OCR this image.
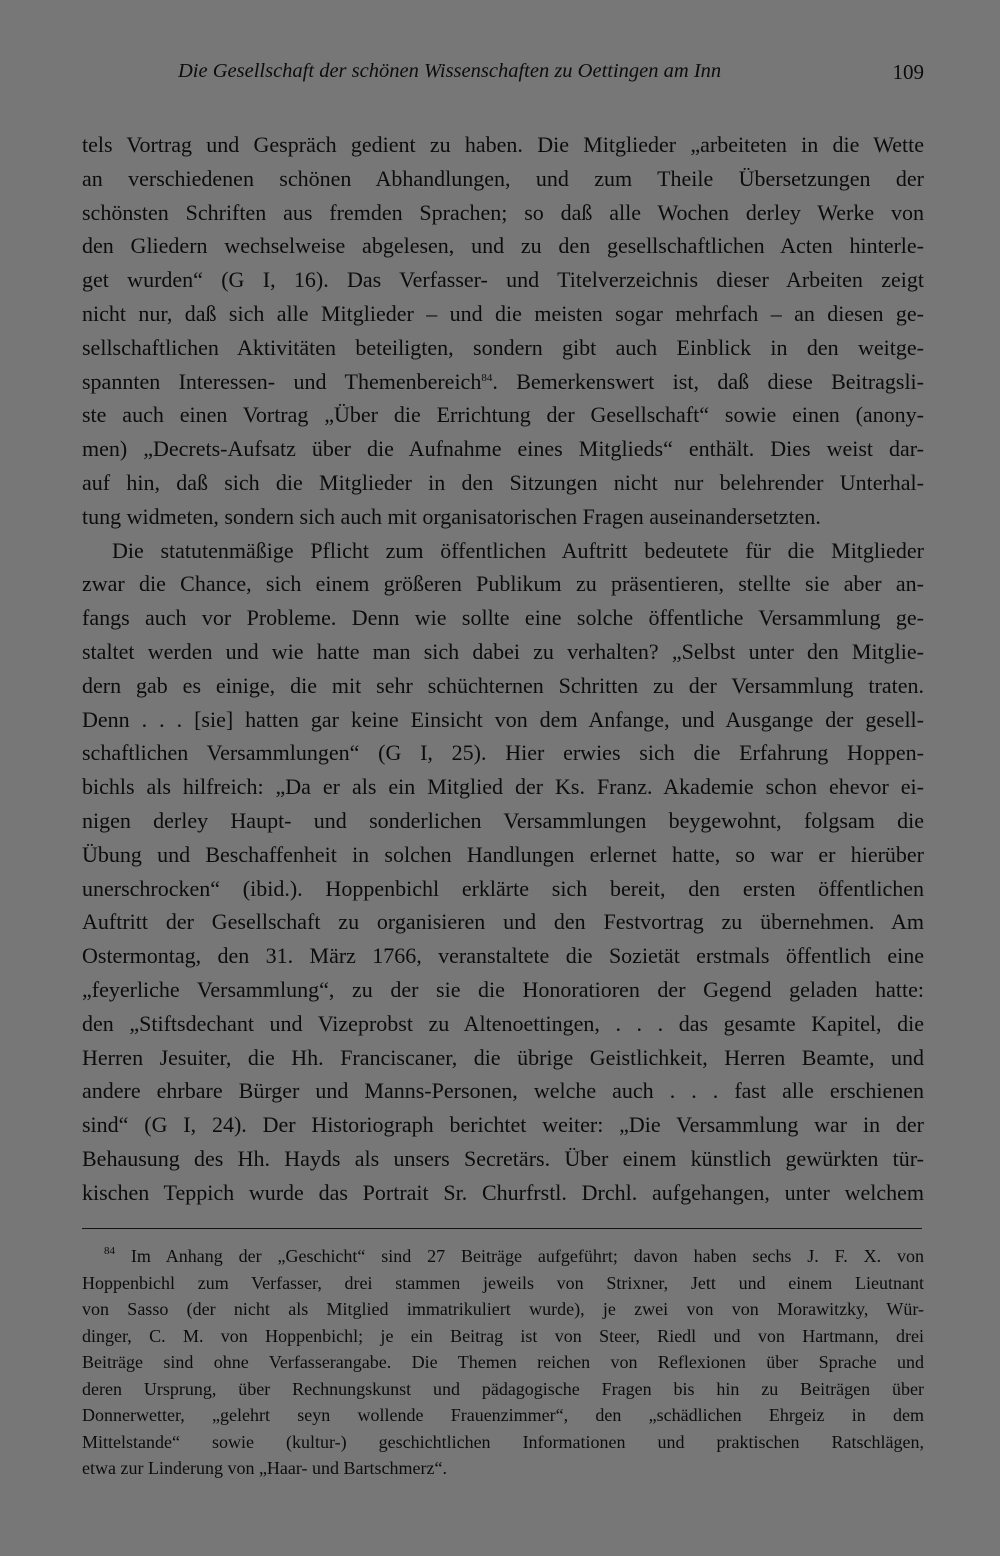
Die Gesellschaft der schönen Wissenschaften zu Oettingen am Inn	109
tels Vortrag und Gespräch gedient zu haben. Die Mitglieder „arbeiteten in die Wette
an verschiedenen schönen Abhandlungen, und zum Theile Übersetzungen der
schönsten Schriften aus fremden Sprachen; so daß alle Wochen derley Werke von
den Gliedern wechselweise abgelesen, und zu den gesellschaftlichen Acten hinterle-
get wurden“ (G I, 16). Das Verfasser- und Titelverzeichnis dieser Arbeiten zeigt
nicht nur, daß sich alle Mitglieder – und die meisten sogar mehrfach – an diesen ge-
sellschaftlichen Aktivitäten beteiligten, sondern gibt auch Einblick in den weitge-
spannten Interessen- und Themenbereich$^{84}$. Bemerkenswert ist, daß diese Beitragsli-
ste auch einen Vortrag „Über die Errichtung der Gesellschaft“ sowie einen (anony-
men) „Decrets-Aufsatz über die Aufnahme eines Mitglieds“ enthält. Dies weist dar-
auf hin, daß sich die Mitglieder in den Sitzungen nicht nur belehrender Unterhal-
tung widmeten, sondern sich auch mit organisatorischen Fragen auseinandersetzten.
Die statutenmäßige Pflicht zum öffentlichen Auftritt bedeutete für die Mitglieder
zwar die Chance, sich einem größeren Publikum zu präsentieren, stellte sie aber an-
fangs auch vor Probleme. Denn wie sollte eine solche öffentliche Versammlung ge-
staltet werden und wie hatte man sich dabei zu verhalten? „Selbst unter den Mitglie-
dern gab es einige, die mit sehr schüchternen Schritten zu der Versammlung traten.
Denn . . . [sie] hatten gar keine Einsicht von dem Anfange, und Ausgange der gesell-
schaftlichen Versammlungen“ (G I, 25). Hier erwies sich die Erfahrung Hoppen-
bichls als hilfreich: „Da er als ein Mitglied der Ks. Franz. Akademie schon ehevor ei-
nigen derley Haupt- und sonderlichen Versammlungen beygewohnt, folgsam die
Übung und Beschaffenheit in solchen Handlungen erlernet hatte, so war er hierüber
unerschrocken“ (ibid.). Hoppenbichl erklärte sich bereit, den ersten öffentlichen
Auftritt der Gesellschaft zu organisieren und den Festvortrag zu übernehmen. Am
Ostermontag, den 31. März 1766, veranstaltete die Sozietät erstmals öffentlich eine
„feyerliche Versammlung“, zu der sie die Honoratioren der Gegend geladen hatte:
den „Stiftsdechant und Vizeprobst zu Altenoettingen, . . . das gesamte Kapitel, die
Herren Jesuiter, die Hh. Franciscaner, die übrige Geistlichkeit, Herren Beamte, und
andere ehrbare Bürger und Manns-Personen, welche auch . . . fast alle erschienen
sind“ (G I, 24). Der Historiograph berichtet weiter: „Die Versammlung war in der
Behausung des Hh. Hayds als unsers Secretärs. Über einem künstlich gewürkten tür-
kischen Teppich wurde das Portrait Sr. Churfrstl. Drchl. aufgehangen, unter welchem
$^{84}$ Im Anhang der „Geschicht“ sind 27 Beiträge aufgeführt; davon haben sechs J. F. X. von
Hoppenbichl zum Verfasser, drei stammen jeweils von Strixner, Jett und einem Lieutnant
von Sasso (der nicht als Mitglied immatrikuliert wurde), je zwei von von Morawitzky, Wür-
dinger, C. M. von Hoppenbichl; je ein Beitrag ist von Steer, Riedl und von Hartmann, drei
Beiträge sind ohne Verfasserangabe. Die Themen reichen von Reflexionen über Sprache und
deren Ursprung, über Rechnungskunst und pädagogische Fragen bis hin zu Beiträgen über
Donnerwetter, „gelehrt seyn wollende Frauenzimmer“, den „schädlichen Ehrgeiz in dem
Mittelstande“ sowie (kultur-) geschichtlichen Informationen und praktischen Ratschlägen,
etwa zur Linderung von „Haar- und Bartschmerz“.
